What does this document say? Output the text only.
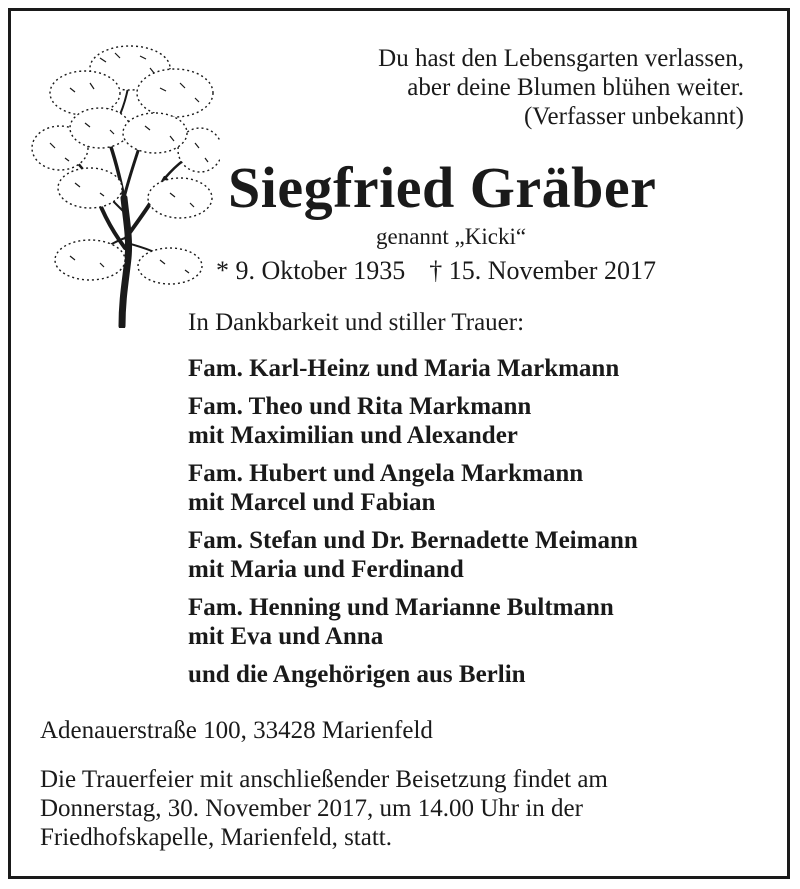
Du hast den Lebensgarten verlassen,
aber deine Blumen blühen weiter.
(Verfasser unbekannt)
Siegfried Gräber
genannt „Kicki“
* 9. Oktober 1935 † 15. November 2017
In Dankbarkeit und stiller Trauer:
Fam. Karl-Heinz und Maria Markmann
Fam. Theo und Rita Markmann
mit Maximilian und Alexander
Fam. Hubert und Angela Markmann
mit Marcel und Fabian
Fam. Stefan und Dr. Bernadette Meimann
mit Maria und Ferdinand
Fam. Henning und Marianne Bultmann
mit Eva und Anna
und die Angehörigen aus Berlin
Adenauerstraße 100, 33428 Marienfeld
Die Trauerfeier mit anschließender Beisetzung findet am
Donnerstag, 30. November 2017, um 14.00 Uhr in der
Friedhofskapelle, Marienfeld, statt.
